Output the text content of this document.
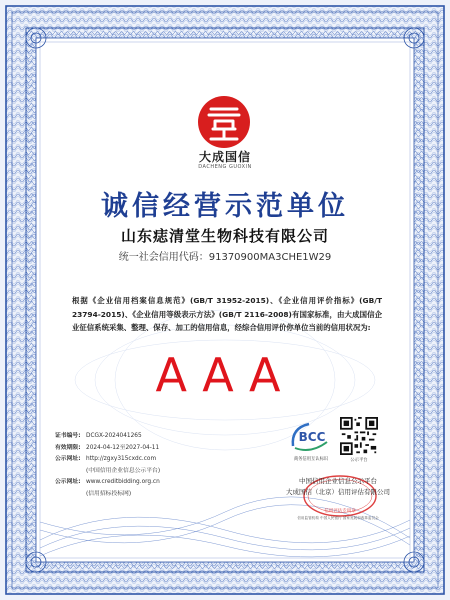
大成国信
DACHENG GUOXIN
诚信经营示范单位
山东痣清堂生物科技有限公司
统一社会信用代码：91370900MA3CHE1W29
根据《企业信用档案信息规范》(GB/T 31952-2015)、《企业信用评价指标》(GB/T 23794-2015)、《企业信用等级表示方法》(GB/T 2116-2008)有国家标准，由大成国信企业征信系统采集、整理、保存、加工的信用信息，经综合信用评价你单位当前的信用状况为:
AAA
证书编号: DCGX-2024041265
有效期限: 2024-04-12至2027-04-11
公示网址: http://zgxy315cxdc.com
(中国信用企业信息公示平台)
公示网址: www.creditbidding.org.cn
(信用招标投标网)
BCC
商务信用互认标识	公示平台
信用评估专用章
中国信用企业信息公示平台
大成国信（北京）信用评估有限公司
信用监管机构 中国人民银行 国家发展和改革委员会
